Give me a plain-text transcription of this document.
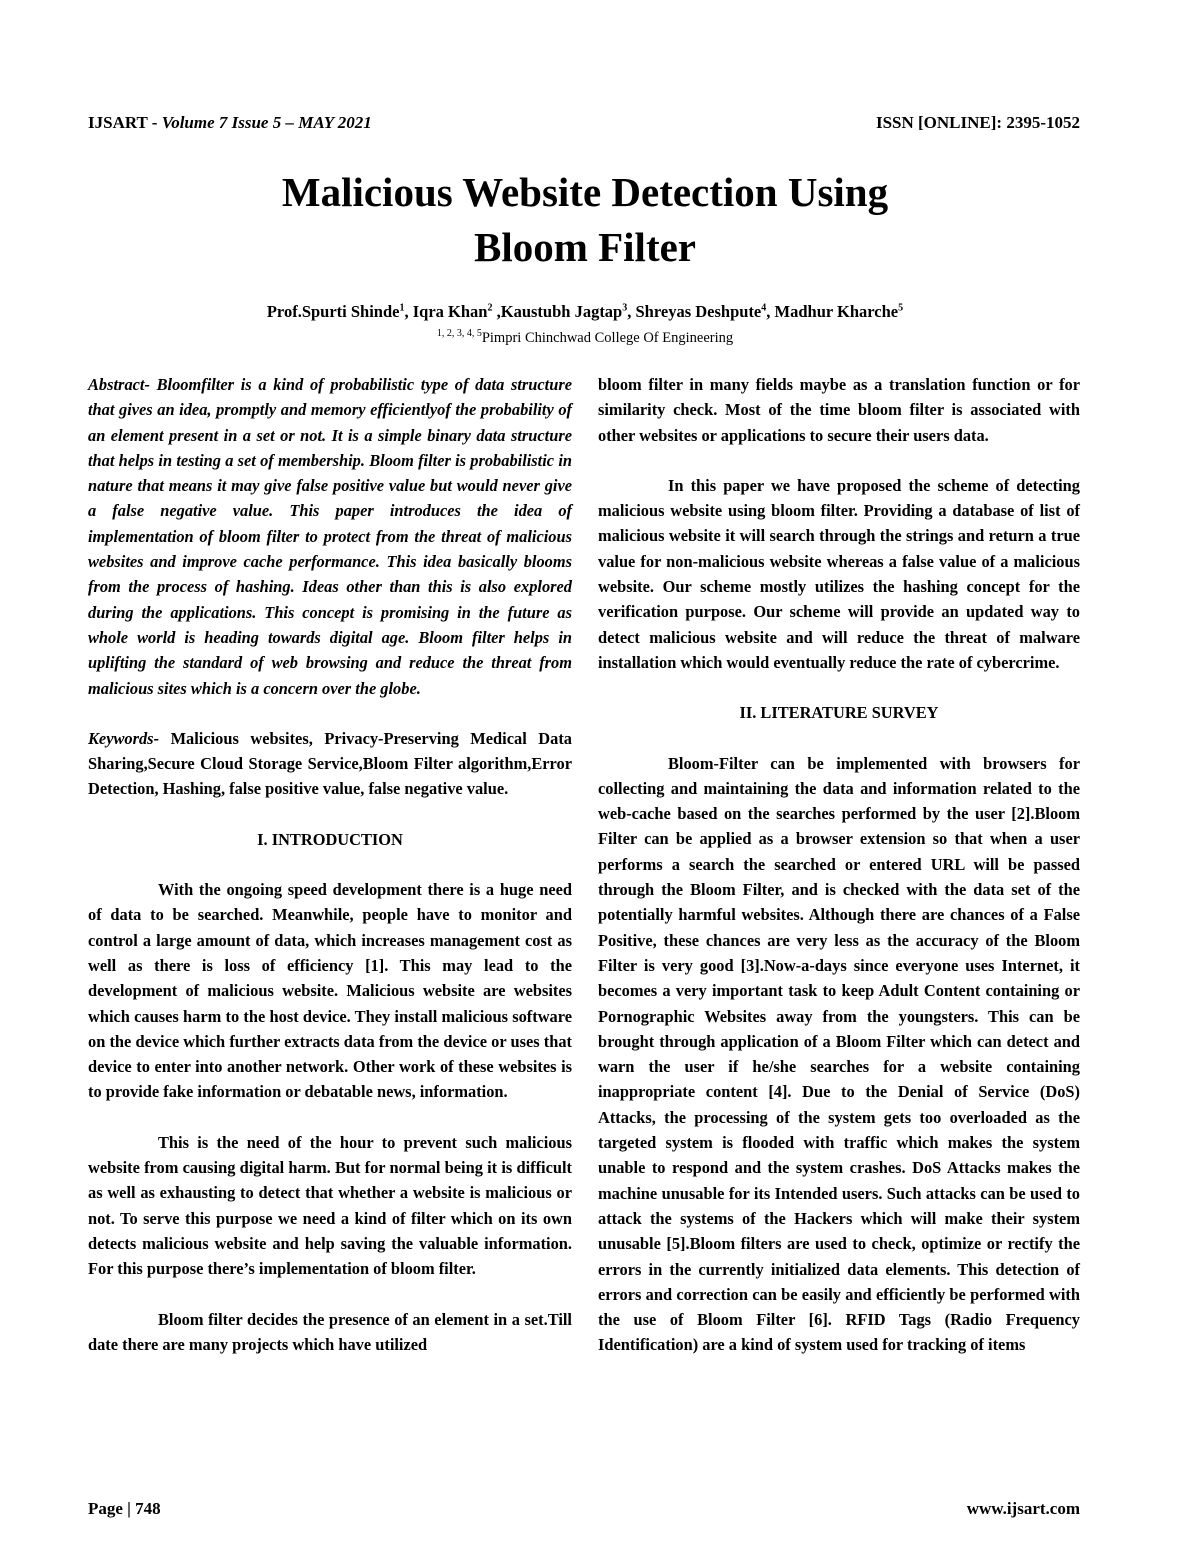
IJSART - Volume 7 Issue 5 – MAY 2021	ISSN [ONLINE]: 2395-1052
Malicious Website Detection Using
Bloom Filter
Prof.Spurti Shinde$^1$, Iqra Khan$^2$ ,Kaustubh Jagtap$^3$, Shreyas Deshpute$^4$, Madhur Kharche$^5$
$^{1, 2, 3, 4, 5}$Pimpri Chinchwad College Of Engineering

Abstract- Bloomfilter is a kind of probabilistic type of data structure that gives an idea, promptly and memory efficientlyof the probability of an element present in a set or not. It is a simple binary data structure that helps in testing a set of membership. Bloom filter is probabilistic in nature that means it may give false positive value but would never give a false negative value. This paper introduces the idea of implementation of bloom filter to protect from the threat of malicious websites and improve cache performance. This idea basically blooms from the process of hashing. Ideas other than this is also explored during the applications. This concept is promising in the future as whole world is heading towards digital age. Bloom filter helps in uplifting the standard of web browsing and reduce the threat from malicious sites which is a concern over the globe.

Keywords- Malicious websites, Privacy-Preserving Medical Data Sharing,Secure Cloud Storage Service,Bloom Filter algorithm,Error Detection, Hashing, false positive value, false negative value.

I. INTRODUCTION

With the ongoing speed development there is a huge need of data to be searched. Meanwhile, people have to monitor and control a large amount of data, which increases management cost as well as there is loss of efficiency [1]. This may lead to the development of malicious website. Malicious website are websites which causes harm to the host device. They install malicious software on the device which further extracts data from the device or uses that device to enter into another network. Other work of these websites is to provide fake information or debatable news, information.

This is the need of the hour to prevent such malicious website from causing digital harm. But for normal being it is difficult as well as exhausting to detect that whether a website is malicious or not. To serve this purpose we need a kind of filter which on its own detects malicious website and help saving the valuable information. For this purpose there’s implementation of bloom filter.

Bloom filter decides the presence of an element in a set.Till date there are many projects which have utilized

bloom filter in many fields maybe as a translation function or for similarity check. Most of the time bloom filter is associated with other websites or applications to secure their users data.

In this paper we have proposed the scheme of detecting malicious website using bloom filter. Providing a database of list of malicious website it will search through the strings and return a true value for non-malicious website whereas a false value of a malicious website. Our scheme mostly utilizes the hashing concept for the verification purpose. Our scheme will provide an updated way to detect malicious website and will reduce the threat of malware installation which would eventually reduce the rate of cybercrime.

II. LITERATURE SURVEY

Bloom-Filter can be implemented with browsers for collecting and maintaining the data and information related to the web-cache based on the searches performed by the user [2].Bloom Filter can be applied as a browser extension so that when a user performs a search the searched or entered URL will be passed through the Bloom Filter, and is checked with the data set of the potentially harmful websites. Although there are chances of a False Positive, these chances are very less as the accuracy of the Bloom Filter is very good [3].Now-a-days since everyone uses Internet, it becomes a very important task to keep Adult Content containing or Pornographic Websites away from the youngsters. This can be brought through application of a Bloom Filter which can detect and warn the user if he/she searches for a website containing inappropriate content [4]. Due to the Denial of Service (DoS) Attacks, the processing of the system gets too overloaded as the targeted system is flooded with traffic which makes the system unable to respond and the system crashes. DoS Attacks makes the machine unusable for its Intended users. Such attacks can be used to attack the systems of the Hackers which will make their system unusable [5].Bloom filters are used to check, optimize or rectify the errors in the currently initialized data elements. This detection of errors and correction can be easily and efficiently be performed with the use of Bloom Filter [6]. RFID Tags (Radio Frequency Identification) are a kind of system used for tracking of items

Page | 748	www.ijsart.com
